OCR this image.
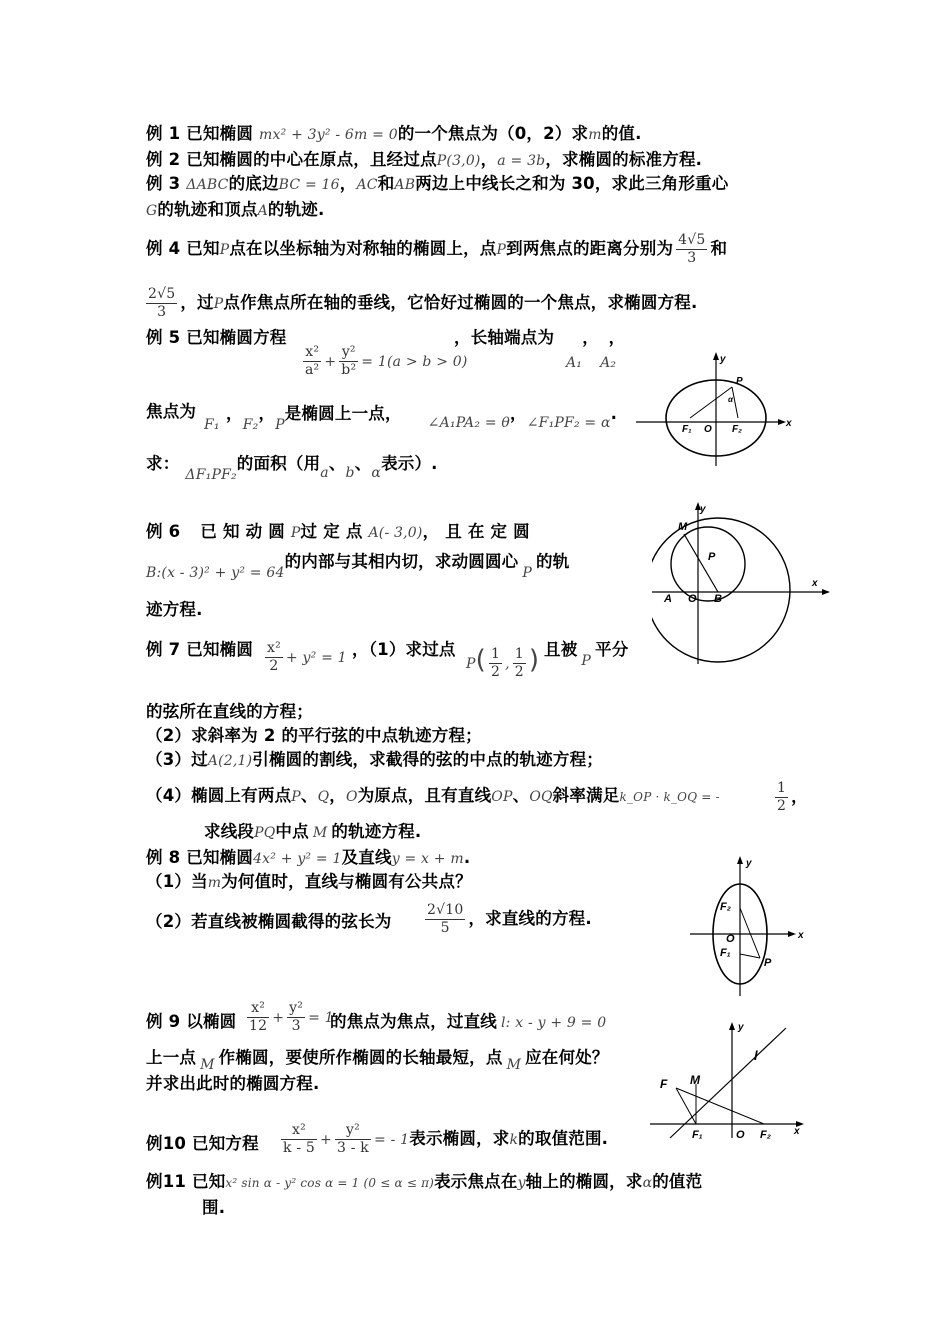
例 1 已知椭圆 mx² + 3y² - 6m = 0的一个焦点为（0，2）求m的值.
例 2 已知椭圆的中心在原点，且经过点P(3,0)，a = 3b，求椭圆的标准方程.
例 3 ΔABC的底边BC = 16，AC和AB两边上中线长之和为 30，求此三角形重心
G的轨迹和顶点A的轨迹.
例 4 已知P点在以坐标轴为对称轴的椭圆上，点P到两焦点的距离分别为 $\frac{4√5}{3}$ 和
$\frac{2√5}{3}$ ，过P点作焦点所在轴的垂线，它恰好过椭圆的一个焦点，求椭圆方程.
例 5 已知椭圆方程	，长轴端点为 ， ，
$\frac{\text{x²}}{\text{a²}} + \frac{\text{y²}}{\text{b²}} = 1(a > b > 0)$	A₁ A₂
焦点为
F₁
，$_{F_2}$，$_P$是椭圆上一点， $_{\angle A_1PA_2 = \theta}$，$_{\angle F_1PF_2 = \alpha}$.
求：$_{\Delta F_1PF_2}$的面积（用$_a$、$_b$、$_\alpha$表示）.
例 6 已 知 动 圆 P过 定 点 A(- 3,0)， 且 在 定 圆
$_{B:(x - 3)^2 + y^2 = 64}$的内部与其相内切，求动圆圆心$_P$的轨
迹方程.
例 7 已知椭圆 $\frac{\text{x²}}{2} + y^2 = 1$ ，（1）求过点
$P( \frac{1}{2}$ , $\frac{1}{2}$ ) 且被$_P$平分
的弦所在直线的方程；
（2）求斜率为 2 的平行弦的中点轨迹方程；
（3）过A(2,1)引椭圆的割线，求截得的弦的中点的轨迹方程；
（4）椭圆上有两点P、Q，O为原点，且有直线OP、OQ斜率满足k_OP · k_OQ = -	$\frac{1}{2}$ ，
求线段PQ中点 M 的轨迹方程.
例 8 已知椭圆4x² + y² = 1及直线y = x + m.
（1）当m为何值时，直线与椭圆有公共点？
（2）若直线被椭圆截得的弦长为 $\frac{2√10}{5}$ ，求直线的方程.
例 9 以椭圆 $\frac{\text{x²}}{12} + \frac{\text{y²}}{3} = 1$
的焦点为焦点，过直线 l: x - y + 9 = 0
上一点 $_M$ 作椭圆，要使所作椭圆的长轴最短，点 $_M$ 应在何处？
并求出此时的椭圆方程.
例10 已知方程 $\frac{\text{x²}}{k - 5} + \frac{\text{y²}}{3 - k}$ = - 1表示椭圆，求k的取值范围.
例11 已知x² sin α - y² cos α = 1 (0 ≤ α ≤ π)表示焦点在y轴上的椭圆，求α的值范
围.
y
x
P
α
F₁ O F₂
y
x
M
P
A O B
y
x
F₂
O
F₁
P
y
x
l
F M
F₁	O F₂
